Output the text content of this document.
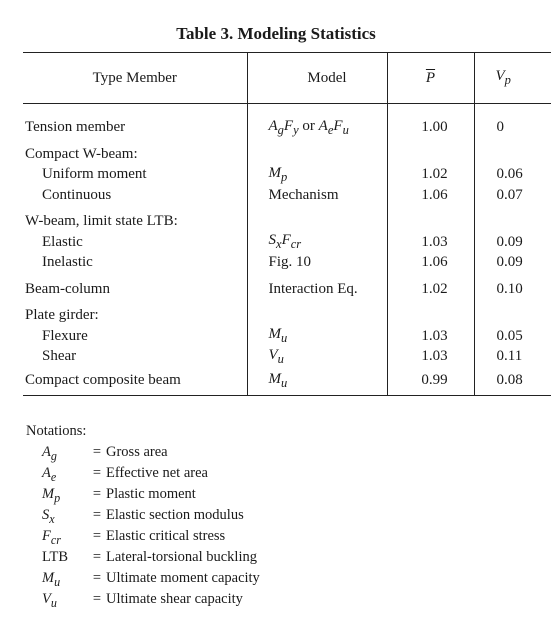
Table 3. Modeling Statistics
Type Member	Model	$\overline{P}$	$V_p$

Tension member	$A_gF_y$ or $A_eF_u$	1.00	0

Compact W-beam:			
Uniform moment	$M_p$	1.02	0.06
Continuous	Mechanism	1.06	0.07

W-beam, limit state LTB:			
Elastic	$S_xF_{cr}$	1.03	0.09
Inelastic	Fig. 10	1.06	0.09

Beam-column	Interaction Eq.	1.02	0.10

Plate girder:			
Flexure	$M_u$	1.03	0.05
Shear	$V_u$	1.03	0.11
Compact composite beam	$M_u$	0.99	0.08
Notations:
$A_g$ = Gross area
$A_e$	= Effective net area
$M_p$ = Plastic moment
$S_x$	= Elastic section modulus
$F_{cr}$ = Elastic critical stress
LTB = Lateral-torsional buckling
$M_u$ = Ultimate moment capacity
$V_u$ = Ultimate shear capacity
